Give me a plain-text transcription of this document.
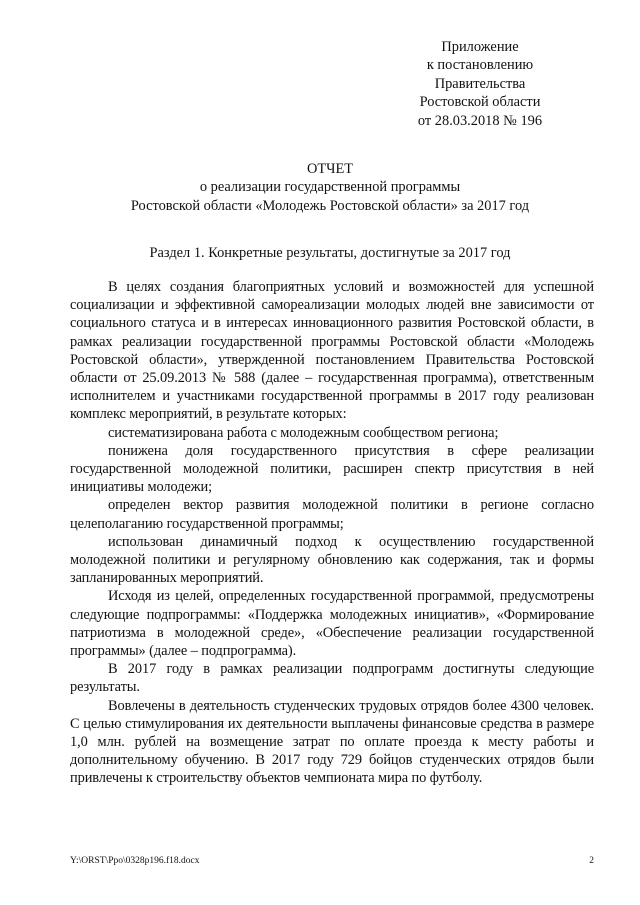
Приложение
к постановлению
Правительства
Ростовской области
от 28.03.2018 № 196
ОТЧЕТ
о реализации государственной программы
Ростовской области «Молодежь Ростовской области» за 2017 год
Раздел 1. Конкретные результаты, достигнутые за 2017 год

В целях создания благоприятных условий и возможностей для успешной социализации и эффективной самореализации молодых людей вне зависимости от социального статуса и в интересах инновационного развития Ростовской области, в рамках реализации государственной программы Ростовской области «Молодежь Ростовской области», утвержденной постановлением Правительства Ростовской области от 25.09.2013 № 588 (далее – государственная программа), ответственным исполнителем и участниками государственной программы в 2017 году реализован комплекс мероприятий, в результате которых:

систематизирована работа с молодежным сообществом региона;

понижена доля государственного присутствия в сфере реализации государственной молодежной политики, расширен спектр присутствия в ней инициативы молодежи;

определен вектор развития молодежной политики в регионе согласно целеполаганию государственной программы;

использован динамичный подход к осуществлению государственной молодежной политики и регулярному обновлению как содержания, так и формы запланированных мероприятий.

Исходя из целей, определенных государственной программой, предусмотрены следующие подпрограммы: «Поддержка молодежных инициатив», «Формирование патриотизма в молодежной среде», «Обеспечение реализации государственной программы» (далее – подпрограмма).

В 2017 году в рамках реализации подпрограмм достигнуты следующие результаты.

Вовлечены в деятельность студенческих трудовых отрядов более 4300 человек. С целью стимулирования их деятельности выплачены финансовые средства в размере 1,0 млн. рублей на возмещение затрат по оплате проезда к месту работы и дополнительному обучению. В 2017 году 729 бойцов студенческих отрядов были привлечены к строительству объектов чемпионата мира по футболу.

Y:\ORST\Ppo\0328p196.f18.docx	2
